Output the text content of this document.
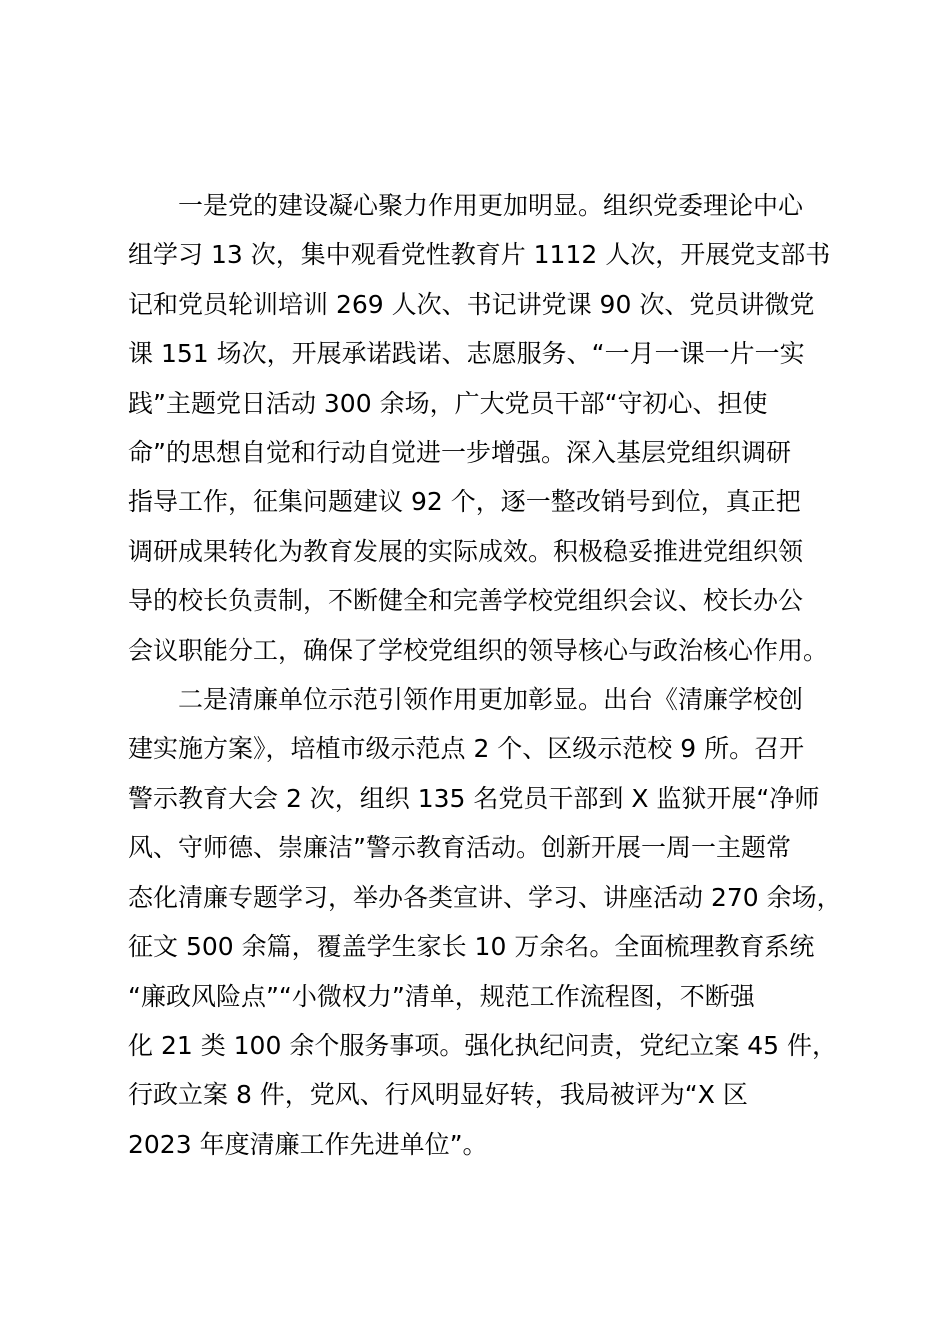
一是党的建设凝心聚力作用更加明显。组织党委理论中心
组学习 13 次，集中观看党性教育片 1112 人次，开展党支部书
记和党员轮训培训 269 人次、书记讲党课 90 次、党员讲微党
课 151 场次，开展承诺践诺、志愿服务、“一月一课一片一实
践”主题党日活动 300 余场，广大党员干部“守初心、担使
命”的思想自觉和行动自觉进一步增强。深入基层党组织调研
指导工作，征集问题建议 92 个，逐一整改销号到位，真正把
调研成果转化为教育发展的实际成效。积极稳妥推进党组织领
导的校长负责制，不断健全和完善学校党组织会议、校长办公
会议职能分工，确保了学校党组织的领导核心与政治核心作用。

二是清廉单位示范引领作用更加彰显。出台《清廉学校创
建实施方案》，培植市级示范点 2 个、区级示范校 9 所。召开
警示教育大会 2 次，组织 135 名党员干部到 X 监狱开展“净师
风、守师德、崇廉洁”警示教育活动。创新开展一周一主题常
态化清廉专题学习，举办各类宣讲、学习、讲座活动 270 余场，
征文 500 余篇，覆盖学生家长 10 万余名。全面梳理教育系统
“廉政风险点”“小微权力”清单，规范工作流程图，不断强
化 21 类 100 余个服务事项。强化执纪问责，党纪立案 45 件，
行政立案 8 件，党风、行风明显好转，我局被评为“X 区
2023 年度清廉工作先进单位”。
